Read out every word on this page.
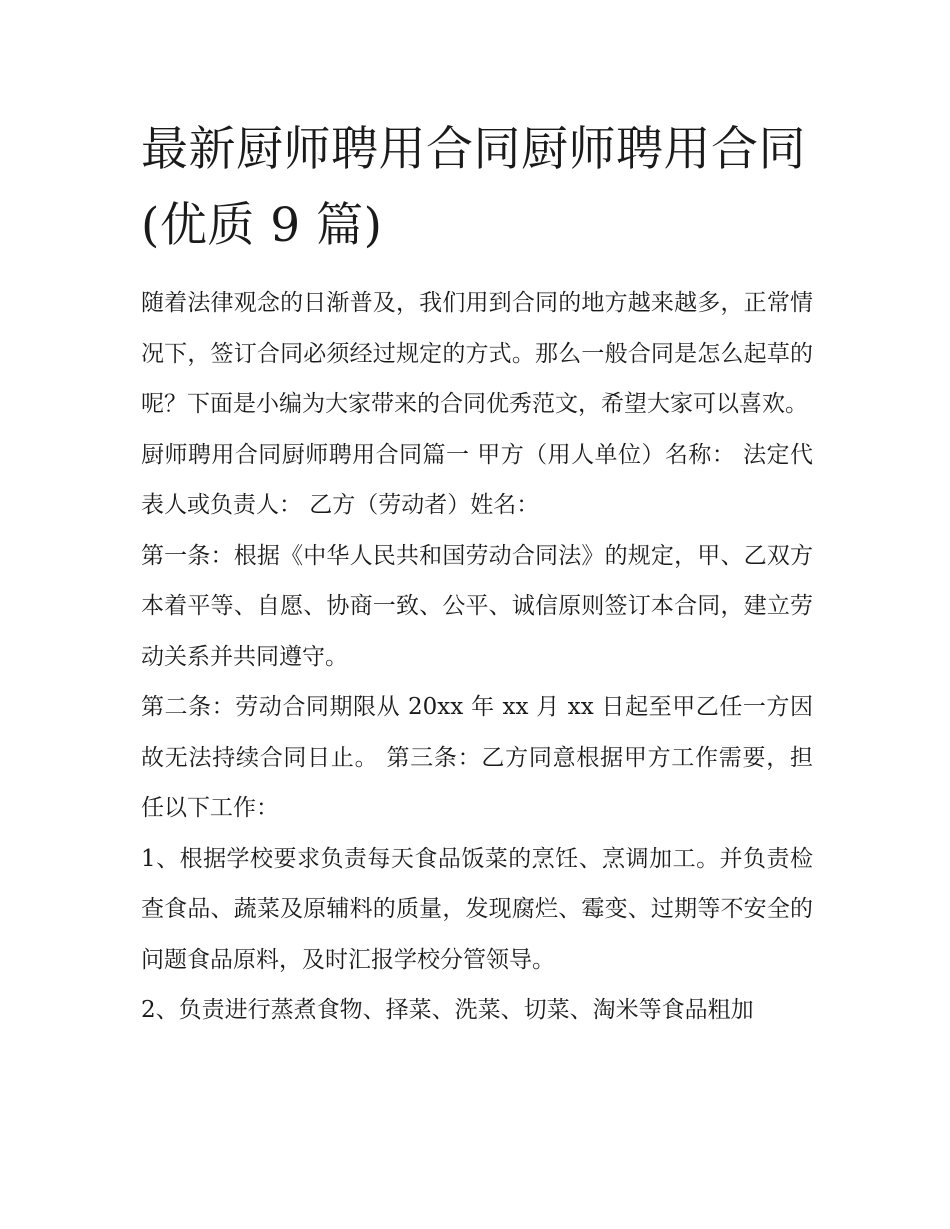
最新厨师聘用合同厨师聘用合同(优质 9 篇)

随着法律观念的日渐普及，我们用到合同的地方越来越多，正常情况下，签订合同必须经过规定的方式。那么一般合同是怎么起草的呢？下面是小编为大家带来的合同优秀范文，希望大家可以喜欢。

厨师聘用合同厨师聘用合同篇一 甲方（用人单位）名称： 法定代表人或负责人： 乙方（劳动者）姓名：

第一条：根据《中华人民共和国劳动合同法》的规定，甲、乙双方本着平等、自愿、协商一致、公平、诚信原则签订本合同，建立劳动关系并共同遵守。

第二条：劳动合同期限从 20xx 年 xx 月 xx 日起至甲乙任一方因故无法持续合同日止。 第三条：乙方同意根据甲方工作需要，担任以下工作：

1、根据学校要求负责每天食品饭菜的烹饪、烹调加工。并负责检查食品、蔬菜及原辅料的质量，发现腐烂、霉变、过期等不安全的问题食品原料，及时汇报学校分管领导。

2、负责进行蒸煮食物、择菜、洗菜、切菜、淘米等食品粗加
